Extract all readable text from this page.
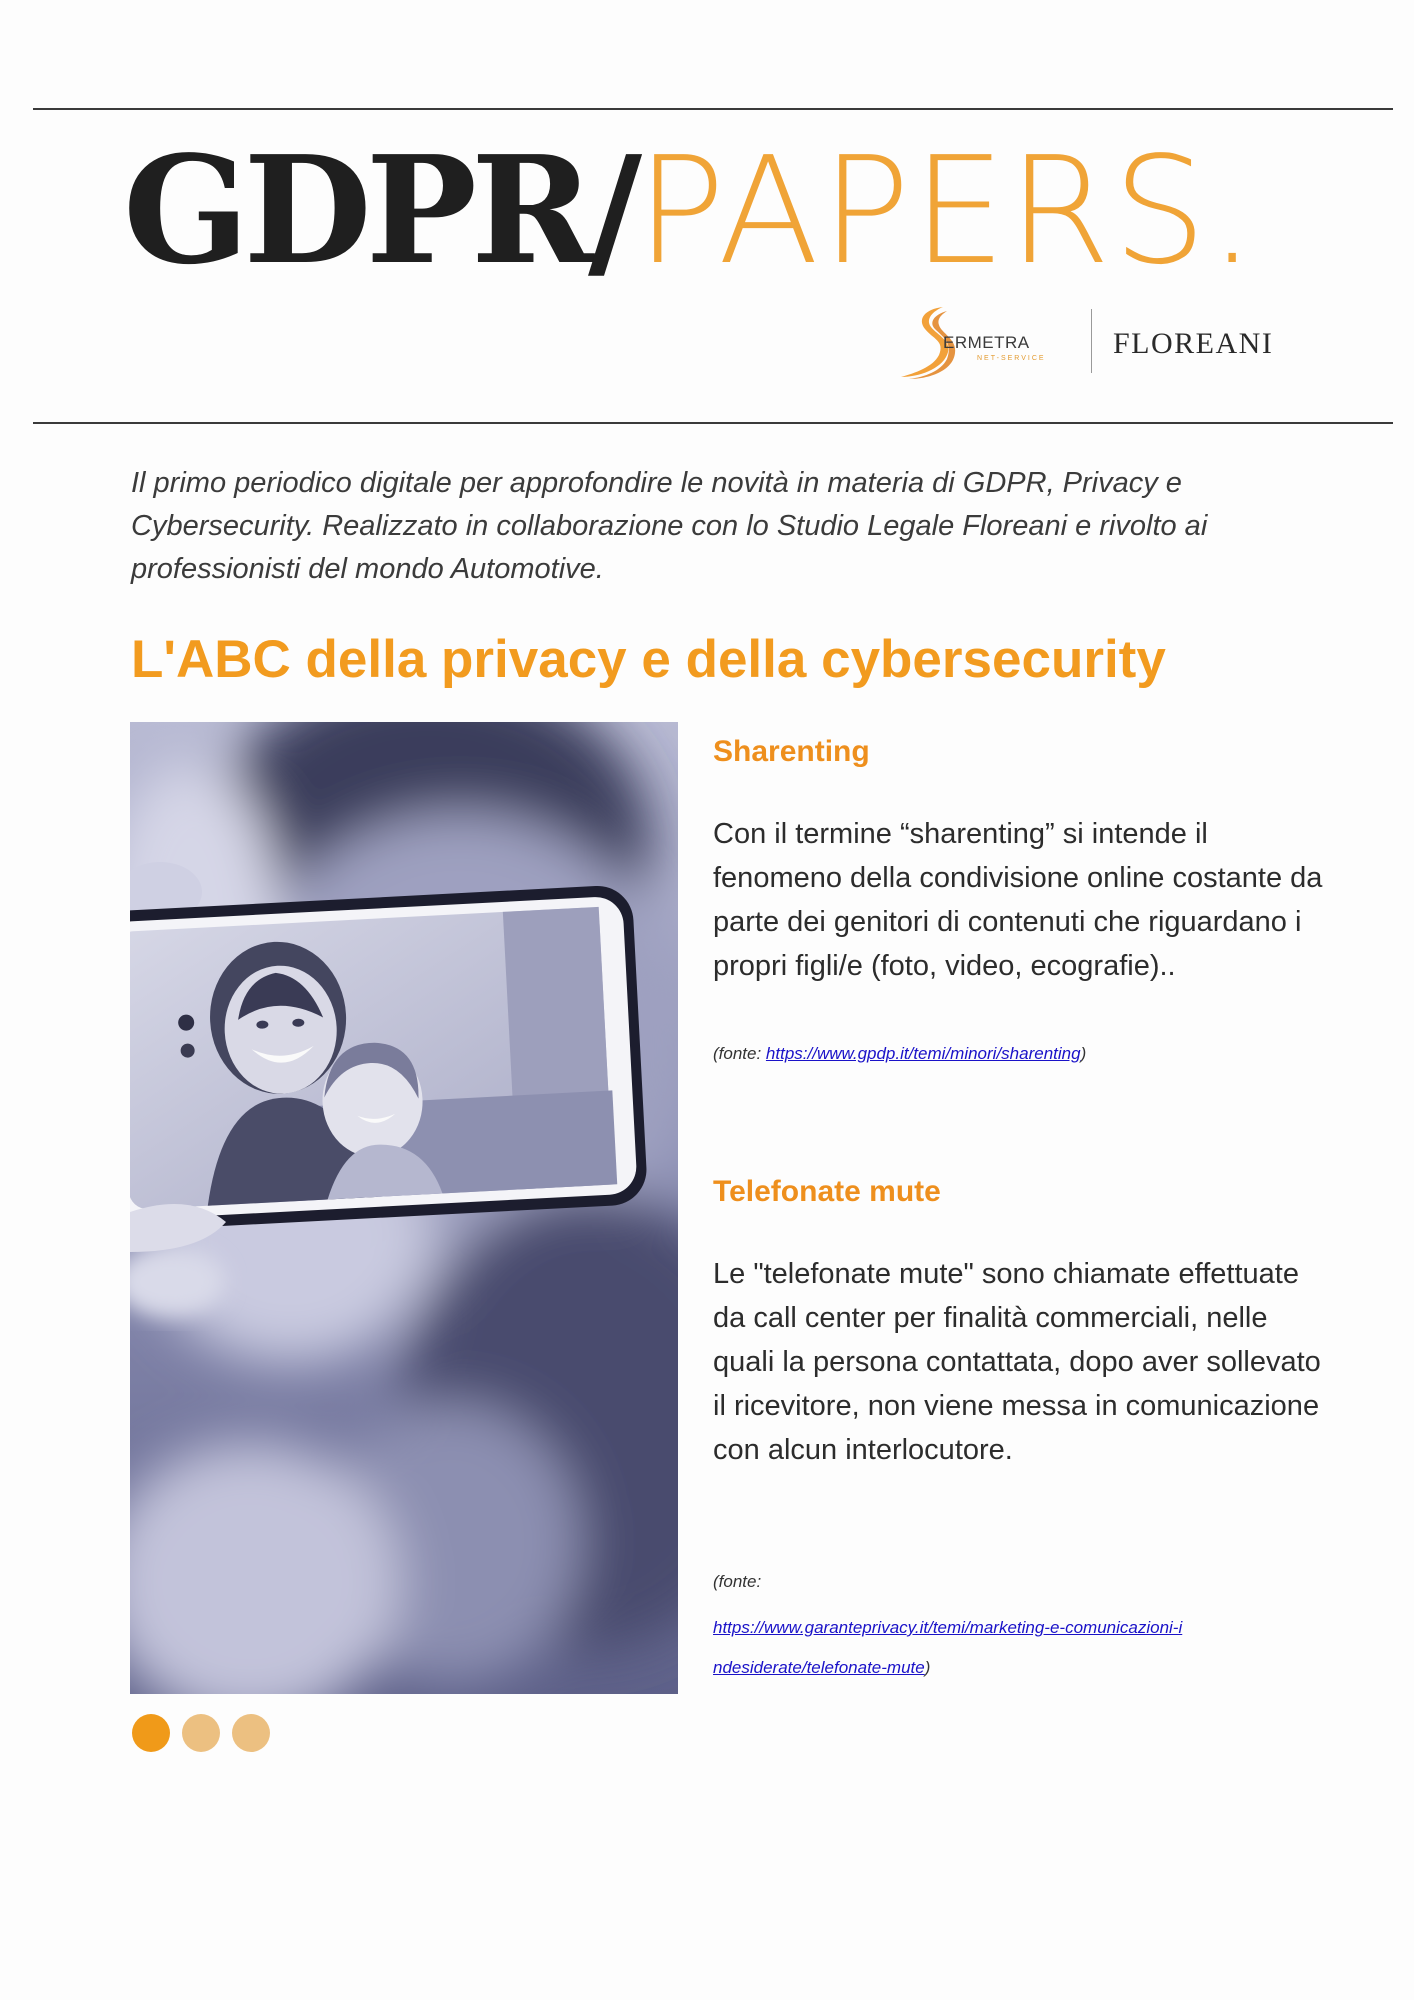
GDPR/PAPERS.
ERMETRA
NET-SERVICE FLOREANI
Il primo periodico digitale per approfondire le novità in materia di GDPR, Privacy e Cybersecurity. Realizzato in collaborazione con lo Studio Legale Floreani e rivolto ai professionisti del mondo Automotive.
L'ABC della privacy e della cybersecurity
Sharenting
Con il termine “sharenting” si intende il fenomeno della condivisione online costante da parte dei genitori di contenuti che riguardano i propri figli/e (foto, video, ecografie)..
(fonte: https://www.gpdp.it/temi/minori/sharenting)
Telefonate mute
Le "telefonate mute" sono chiamate effettuate da call center per finalità commerciali, nelle quali la persona contattata, dopo aver sollevato il ricevitore, non viene messa in comunicazione con alcun interlocutore.
(fonte:
https://www.garanteprivacy.it/temi/marketing-e-comunicazioni-i
ndesiderate/telefonate-mute)
